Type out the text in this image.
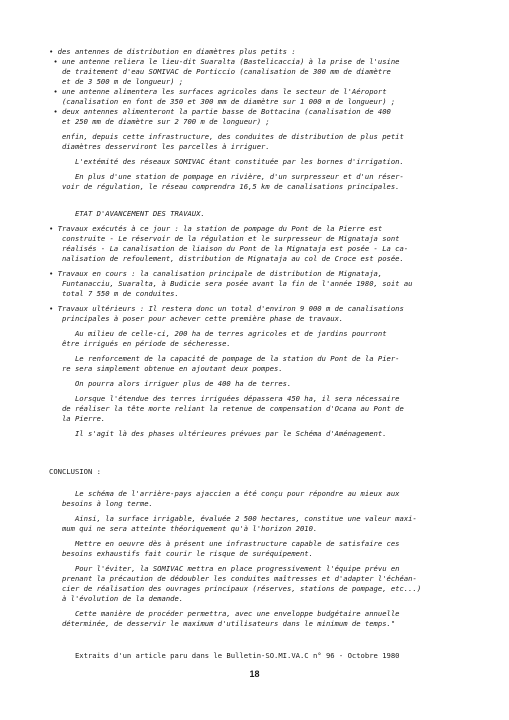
• des antennes de distribution en diamètres plus petits :

• une antenne reliera le lieu-dit Suaralta (Bastelicaccia) à la prise de l'usine

de traitement d'eau SOMIVAC de Porticcio (canalisation de 300 mm de diamètre

et de 3 500 m de longueur) ;

• une antenne alimentera les surfaces agricoles dans le secteur de l'Aéroport

(canalisation en font de 350 et 300 mm de diamètre sur 1 000 m de longueur) ;

• deux antennes alimenteront la partie basse de Bottacina (canalisation de 400

et 250 mm de diamètre sur 2 700 m de longueur) ;

enfin, depuis cette infrastructure, des conduites de distribution de plus petit

diamètres desserviront les parcelles à irriguer.

L'extémité des réseaux SOMIVAC étant constituée par les bornes d'irrigation.

En plus d'une station de pompage en rivière, d'un surpresseur et d'un réser-

voir de régulation, le réseau comprendra 16,5 km de canalisations principales.

ETAT D'AVANCEMENT DES TRAVAUX.

• Travaux exécutés à ce jour : la station de pompage du Pont de la Pierre est

construite - Le réservoir de la régulation et le surpresseur de Mignataja sont

réalisés - La canalisation de liaison du Pont de la Mignataja est posée - La ca-

nalisation de refoulement, distribution de Mignataja au col de Croce est posée.

• Travaux en cours : la canalisation principale de distribution de Mignataja,

Funtanacciu, Suaralta, à Budicie sera posée avant la fin de l'année 1980, soit au

total 7 550 m de conduites.

• Travaux ultérieurs : Il restera donc un total d'environ 9 000 m de canalisations

principales à poser pour achever cette première phase de travaux.

Au milieu de celle-ci, 200 ha de terres agricoles et de jardins pourront

être irrigués en période de sécheresse.

Le renforcement de la capacité de pompage de la station du Pont de la Pier-

re sera simplement obtenue en ajoutant deux pompes.

On pourra alors irriguer plus de 400 ha de terres.

Lorsque l'étendue des terres irriguées dépassera 450 ha, il sera nécessaire

de réaliser la tête morte reliant la retenue de compensation d'Ocana au Pont de

la Pierre.

Il s'agit là des phases ultérieures prévues par le Schéma d'Aménagement.

CONCLUSION :

Le schéma de l'arrière-pays ajaccien a été conçu pour répondre au mieux aux

besoins à long terme.

Ainsi, la surface irrigable, évaluée 2 500 hectares, constitue une valeur maxi-

mum qui ne sera atteinte théoriquement qu'à l'horizon 2010.

Mettre en oeuvre dès à présent une infrastructure capable de satisfaire ces

besoins exhaustifs fait courir le risque de suréquipement.

Pour l'éviter, la SOMIVAC mettra en place progressivement l'équipe prévu en

prenant la précaution de dédoubler les conduites maîtresses et d'adapter l'échéan-

cier de réalisation des ouvrages principaux (réserves, stations de pompage, etc...)

à l'évolution de la demande.

Cette manière de procéder permettra, avec une enveloppe budgétaire annuelle

déterminée, de desservir le maximum d'utilisateurs dans le minimum de temps."

Extraits d'un article paru dans le Bulletin-SO.MI.VA.C n° 96 - Octobre 1980

18
